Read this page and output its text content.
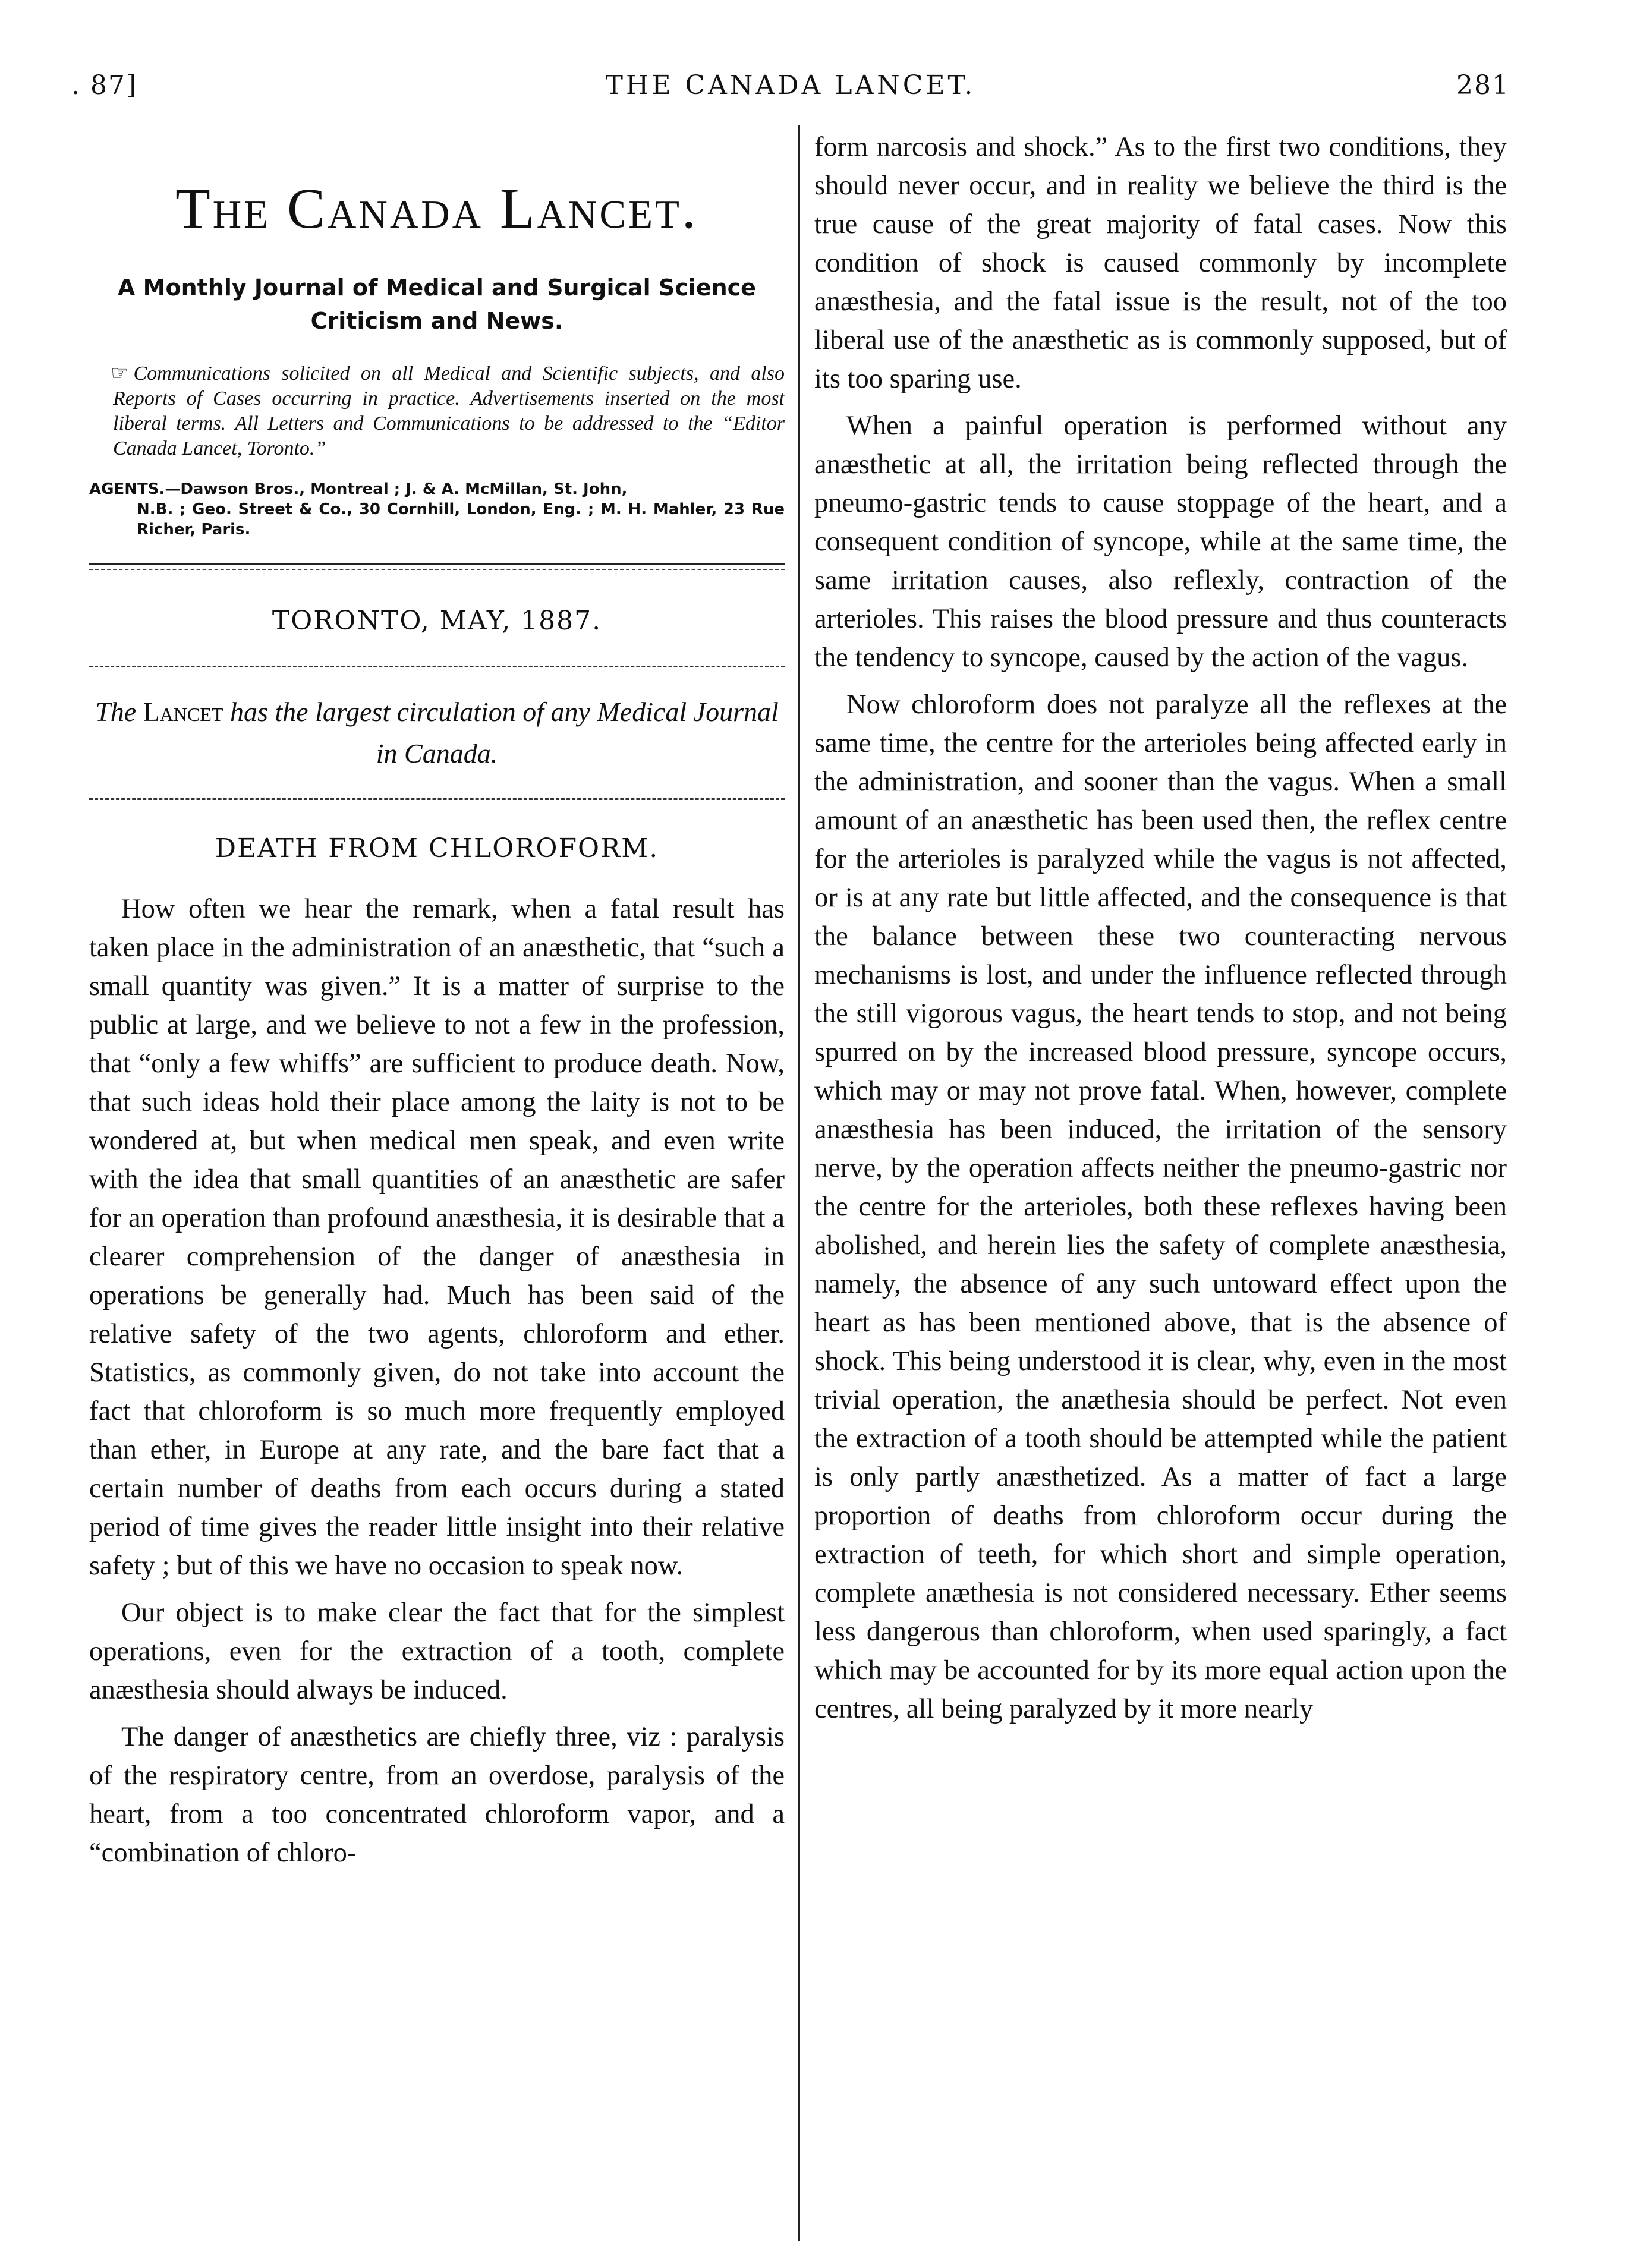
. 87]	THE CANADA LANCET.	281
The Canada Lancet.
A Monthly Journal of Medical and Surgical Science
Criticism and News.
☞ Communications solicited on all Medical and Scientific subjects, and also Reports of Cases occurring in practice. Advertisements inserted on the most liberal terms. All Letters and Communications to be addressed to the “Editor Canada Lancet, Toronto.”
AGENTS.—Dawson Bros., Montreal ; J. & A. McMillan, St. John,
N.B. ; Geo. Street & Co., 30 Cornhill, London, Eng. ; M. H. Mahler, 23 Rue Richer, Paris.
TORONTO, MAY, 1887.
The Lancet has the largest circulation of any Medical Journal in Canada.
DEATH FROM CHLOROFORM.

How often we hear the remark, when a fatal result has taken place in the administration of an anæsthetic, that “such a small quantity was given.” It is a matter of surprise to the public at large, and we believe to not a few in the profession, that “only a few whiffs” are sufficient to produce death. Now, that such ideas hold their place among the laity is not to be wondered at, but when medical men speak, and even write with the idea that small quantities of an anæsthetic are safer for an operation than profound anæsthesia, it is desirable that a clearer comprehension of the danger of anæsthesia in operations be generally had. Much has been said of the relative safety of the two agents, chloroform and ether. Statistics, as commonly given, do not take into account the fact that chloroform is so much more frequently employed than ether, in Europe at any rate, and the bare fact that a certain number of deaths from each occurs during a stated period of time gives the reader little insight into their relative safety ; but of this we have no occasion to speak now.

Our object is to make clear the fact that for the simplest operations, even for the extraction of a tooth, complete anæsthesia should always be induced.

The danger of anæsthetics are chiefly three, viz : paralysis of the respiratory centre, from an overdose, paralysis of the heart, from a too concentrated chloroform vapor, and a “combination of chloro-

form narcosis and shock.” As to the first two conditions, they should never occur, and in reality we believe the third is the true cause of the great majority of fatal cases. Now this condition of shock is caused commonly by incomplete anæsthesia, and the fatal issue is the result, not of the too liberal use of the anæsthetic as is commonly supposed, but of its too sparing use.

When a painful operation is performed without any anæsthetic at all, the irritation being reflected through the pneumo-gastric tends to cause stoppage of the heart, and a consequent condition of syncope, while at the same time, the same irritation causes, also reflexly, contraction of the arterioles. This raises the blood pressure and thus counteracts the tendency to syncope, caused by the action of the vagus.

Now chloroform does not paralyze all the reflexes at the same time, the centre for the arterioles being affected early in the administration, and sooner than the vagus. When a small amount of an anæsthetic has been used then, the reflex centre for the arterioles is paralyzed while the vagus is not affected, or is at any rate but little affected, and the consequence is that the balance between these two counteracting nervous mechanisms is lost, and under the influence reflected through the still vigorous vagus, the heart tends to stop, and not being spurred on by the increased blood pressure, syncope occurs, which may or may not prove fatal. When, however, complete anæsthesia has been induced, the irritation of the sensory nerve, by the operation affects neither the pneumo-gastric nor the centre for the arterioles, both these reflexes having been abolished, and herein lies the safety of complete anæsthesia, namely, the absence of any such untoward effect upon the heart as has been mentioned above, that is the absence of shock. This being understood it is clear, why, even in the most trivial operation, the anæthesia should be perfect. Not even the extraction of a tooth should be attempted while the patient is only partly anæsthetized. As a matter of fact a large proportion of deaths from chloroform occur during the extraction of teeth, for which short and simple operation, complete anæthesia is not considered necessary. Ether seems less dangerous than chloroform, when used sparingly, a fact which may be accounted for by its more equal action upon the centres, all being paralyzed by it more nearly
